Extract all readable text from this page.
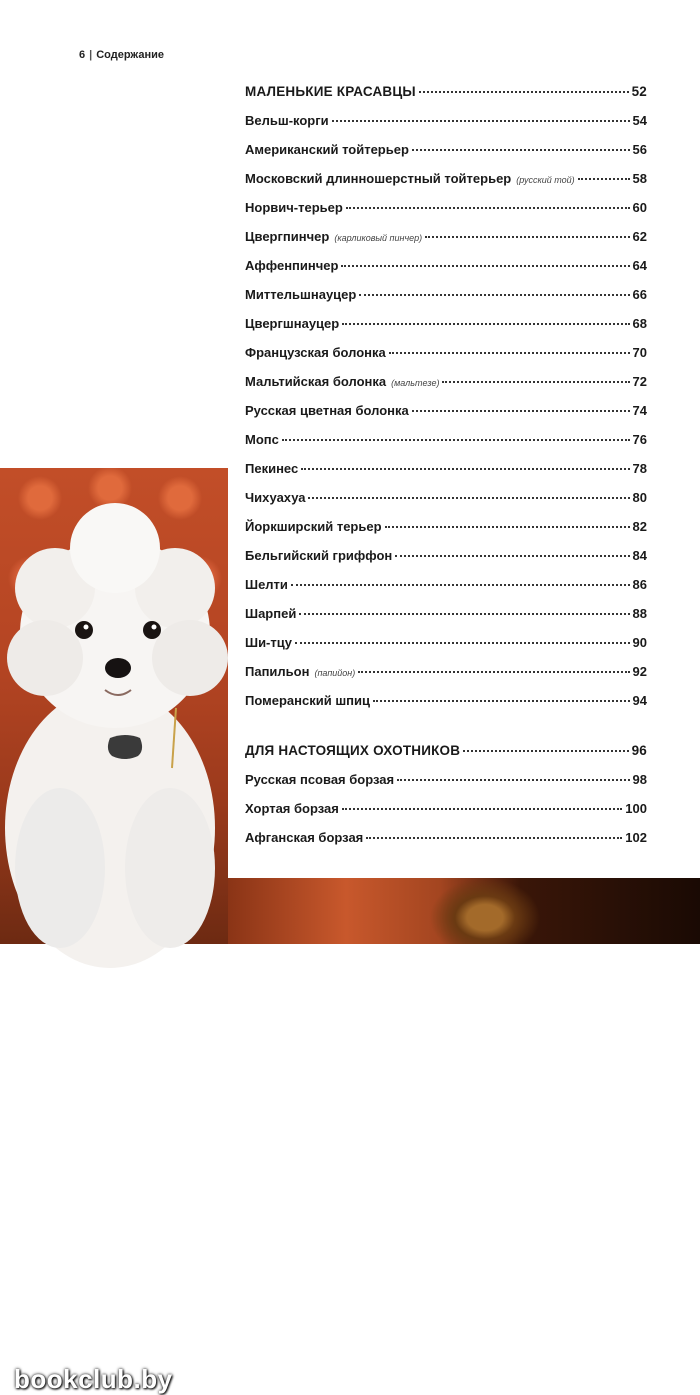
6 | Содержание
bookclub.by
МАЛЕНЬКИЕ КРАСАВЦЫ	52
Вельш-корги	54
Американский тойтерьер	56
Московский длинношерстный тойтерьер (русский той)	58
Норвич-терьер	60
Цвергпинчер (карликовый пинчер)	62
Аффенпинчер	64
Миттельшнауцер	66
Цвергшнауцер	68
Французская болонка	70
Мальтийская болонка (мальтезе)	72
Русская цветная болонка	74
Мопс	76
Пекинес	78
Чихуахуа	80
Йоркширский терьер	82
Бельгийский гриффон	84
Шелти	86
Шарпей	88
Ши-тцу	90
Папильон (папийон)	92
Померанский шпиц	94
ДЛЯ НАСТОЯЩИХ ОХОТНИКОВ	96
Русская псовая борзая	98
Хортая борзая	100
Афганская борзая	102
